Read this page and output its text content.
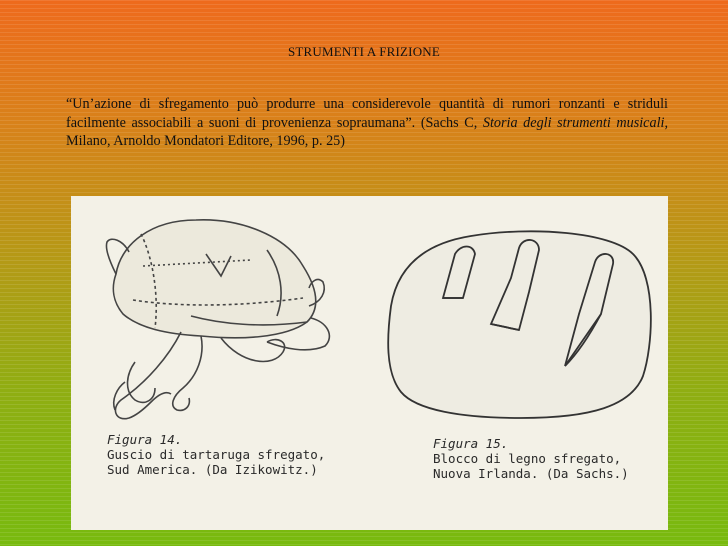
STRUMENTI A FRIZIONE
“Un’azione di sfregamento può produrre una considerevole quantità di rumori ronzanti e striduli facilmente associabili a suoni di provenienza sopraumana”. (Sachs C, Storia degli strumenti musicali, Milano, Arnoldo Mondatori Editore, 1996, p. 25)
Figura 14.
Guscio di tartaruga sfregato,
Sud America. (Da Izikowitz.)
Figura 15.
Blocco di legno sfregato,
Nuova Irlanda. (Da Sachs.)
